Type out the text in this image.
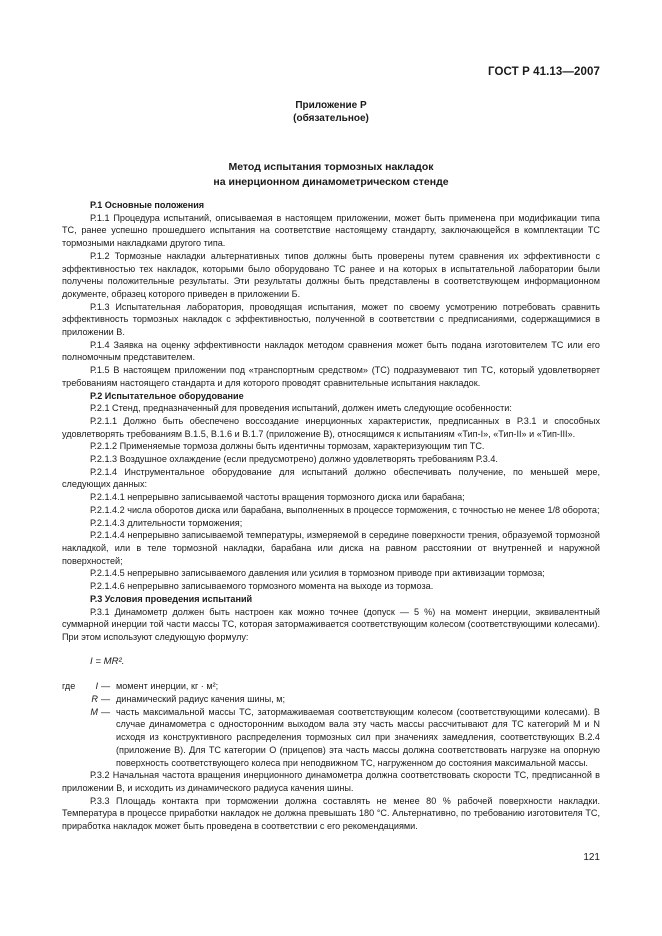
ГОСТ Р 41.13—2007
Приложение Р
(обязательное)
Метод испытания тормозных накладок
на инерционном динамометрическом стенде

Р.1 Основные положения

Р.1.1 Процедура испытаний, описываемая в настоящем приложении, может быть применена при модификации типа ТС, ранее успешно прошедшего испытания на соответствие настоящему стандарту, заключающейся в комплектации ТС тормозными накладками другого типа.

Р.1.2 Тормозные накладки альтернативных типов должны быть проверены путем сравнения их эффективности с эффективностью тех накладок, которыми было оборудовано ТС ранее и на которых в испытательной лаборатории были получены положительные результаты. Эти результаты должны быть представлены в соответствующем информационном документе, образец которого приведен в приложении Б.

Р.1.3 Испытательная лаборатория, проводящая испытания, может по своему усмотрению потребовать сравнить эффективность тормозных накладок с эффективностью, полученной в соответствии с предписаниями, содержащимися в приложении В.

Р.1.4 Заявка на оценку эффективности накладок методом сравнения может быть подана изготовителем ТС или его полномочным представителем.

Р.1.5 В настоящем приложении под «транспортным средством» (ТС) подразумевают тип ТС, который удовлетворяет требованиям настоящего стандарта и для которого проводят сравнительные испытания накладок.

Р.2 Испытательное оборудование

Р.2.1 Стенд, предназначенный для проведения испытаний, должен иметь следующие особенности:

Р.2.1.1 Должно быть обеспечено воссоздание инерционных характеристик, предписанных в Р.3.1 и способных удовлетворять требованиям В.1.5, В.1.6 и В.1.7 (приложение В), относящимся к испытаниям «Тип-I», «Тип-II» и «Тип-III».

Р.2.1.2 Применяемые тормоза должны быть идентичны тормозам, характеризующим тип ТС.

Р.2.1.3 Воздушное охлаждение (если предусмотрено) должно удовлетворять требованиям Р.3.4.

Р.2.1.4 Инструментальное оборудование для испытаний должно обеспечивать получение, по меньшей мере, следующих данных:

Р.2.1.4.1 непрерывно записываемой частоты вращения тормозного диска или барабана;

Р.2.1.4.2 числа оборотов диска или барабана, выполненных в процессе торможения, с точностью не менее 1/8 оборота;

Р.2.1.4.3 длительности торможения;

Р.2.1.4.4 непрерывно записываемой температуры, измеряемой в середине поверхности трения, образуемой тормозной накладкой, или в теле тормозной накладки, барабана или диска на равном расстоянии от внутренней и наружной поверхностей;

Р.2.1.4.5 непрерывно записываемого давления или усилия в тормозном приводе при активизации тормоза;

Р.2.1.4.6 непрерывно записываемого тормозного момента на выходе из тормоза.

Р.3 Условия проведения испытаний

Р.3.1 Динамометр должен быть настроен как можно точнее (допуск — 5 %) на момент инерции, эквивалентный суммарной инерции той части массы ТС, которая затормаживается соответствующим колесом (соответствующими колесами). При этом используют следующую формулу:

I = MR².
где I — момент инерции, кг · м²;
R — динамический радиус качения шины, м;
M — часть максимальной массы ТС, затормаживаемая соответствующим колесом (соответствующими колесами). В случае динамометра с односторонним выходом вала эту часть массы рассчитывают для ТС категорий М и N исходя из конструктивного распределения тормозных сил при значениях замедления, соответствующих В.2.4 (приложение В). Для ТС категории О (прицепов) эта часть массы должна соответствовать нагрузке на опорную поверхность соответствующего колеса при неподвижном ТС, нагруженном до состояния максимальной массы.

Р.3.2 Начальная частота вращения инерционного динамометра должна соответствовать скорости ТС, предписанной в приложении В, и исходить из динамического радиуса качения шины.

Р.3.3 Площадь контакта при торможении должна составлять не менее 80 % рабочей поверхности накладки. Температура в процессе приработки накладок не должна превышать 180 °С. Альтернативно, по требованию изготовителя ТС, приработка накладок может быть проведена в соответствии с его рекомендациями.

121
